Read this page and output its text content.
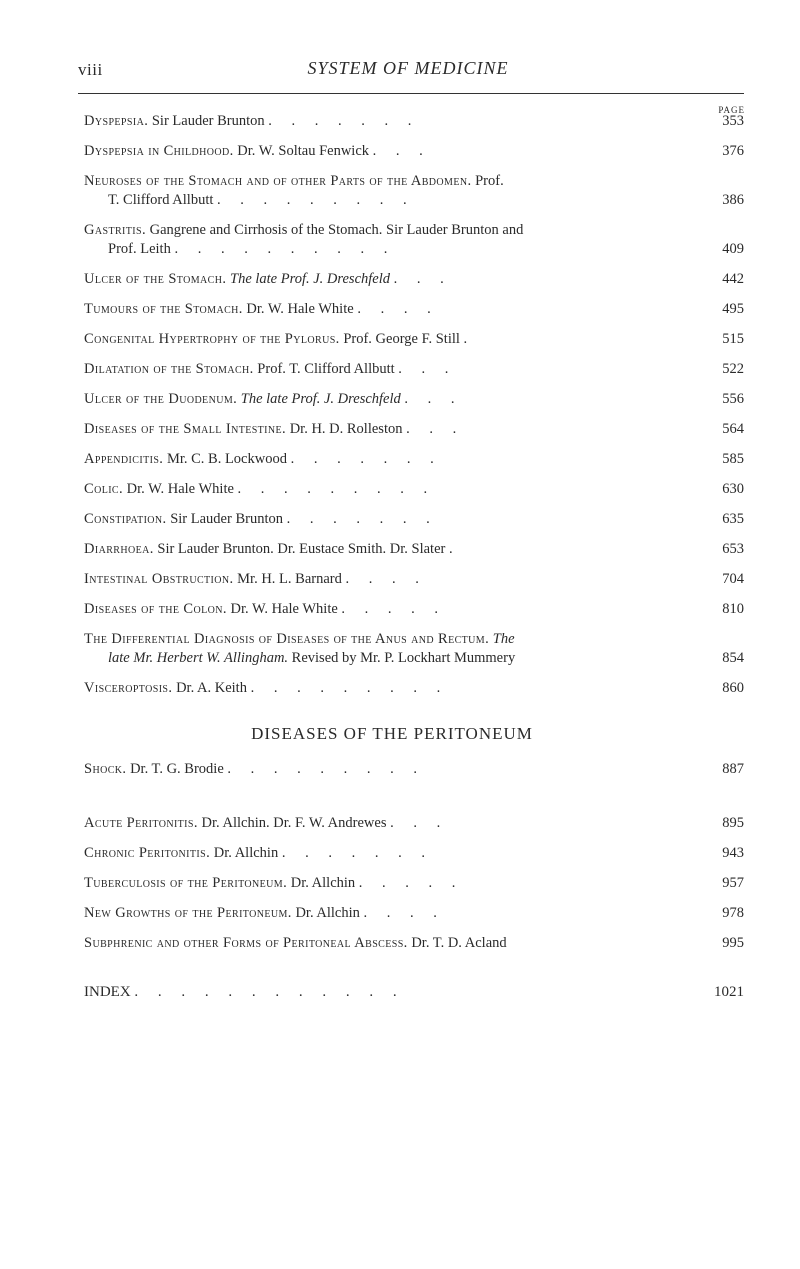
viii	SYSTEM OF MEDICINE
PAGE
Dyspepsia. Sir Lauder Brunton . . . . . . .	353
Dyspepsia in Childhood. Dr. W. Soltau Fenwick . . .	376
Neuroses of the Stomach and of other Parts of the Abdomen. Prof.
T. Clifford Allbutt . . . . . . . . .	386
Gastritis. Gangrene and Cirrhosis of the Stomach. Sir Lauder Brunton and
Prof. Leith . . . . . . . . . .	409
Ulcer of the Stomach. The late Prof. J. Dreschfeld . . .	442
Tumours of the Stomach. Dr. W. Hale White . . . .	495
Congenital Hypertrophy of the Pylorus. Prof. George F. Still .	515
Dilatation of the Stomach. Prof. T. Clifford Allbutt . . .	522
Ulcer of the Duodenum. The late Prof. J. Dreschfeld . . .	556
Diseases of the Small Intestine. Dr. H. D. Rolleston . . .	564
Appendicitis. Mr. C. B. Lockwood . . . . . . .	585
Colic. Dr. W. Hale White . . . . . . . . .	630
Constipation. Sir Lauder Brunton . . . . . . .	635
Diarrhoea. Sir Lauder Brunton. Dr. Eustace Smith. Dr. Slater .	653
Intestinal Obstruction. Mr. H. L. Barnard . . . .	704
Diseases of the Colon. Dr. W. Hale White . . . . .	810
The Differential Diagnosis of Diseases of the Anus and Rectum. The
late Mr. Herbert W. Allingham. Revised by Mr. P. Lockhart Mummery	854
Visceroptosis. Dr. A. Keith . . . . . . . . .	860
DISEASES OF THE PERITONEUM
Shock. Dr. T. G. Brodie . . . . . . . . .	887
Acute Peritonitis. Dr. Allchin. Dr. F. W. Andrewes . . .	895
Chronic Peritonitis. Dr. Allchin . . . . . . .	943
Tuberculosis of the Peritoneum. Dr. Allchin . . . . .	957
New Growths of the Peritoneum. Dr. Allchin . . . .	978
Subphrenic and other Forms of Peritoneal Abscess. Dr. T. D. Acland	995
INDEX . . . . . . . . . . . .	1021
